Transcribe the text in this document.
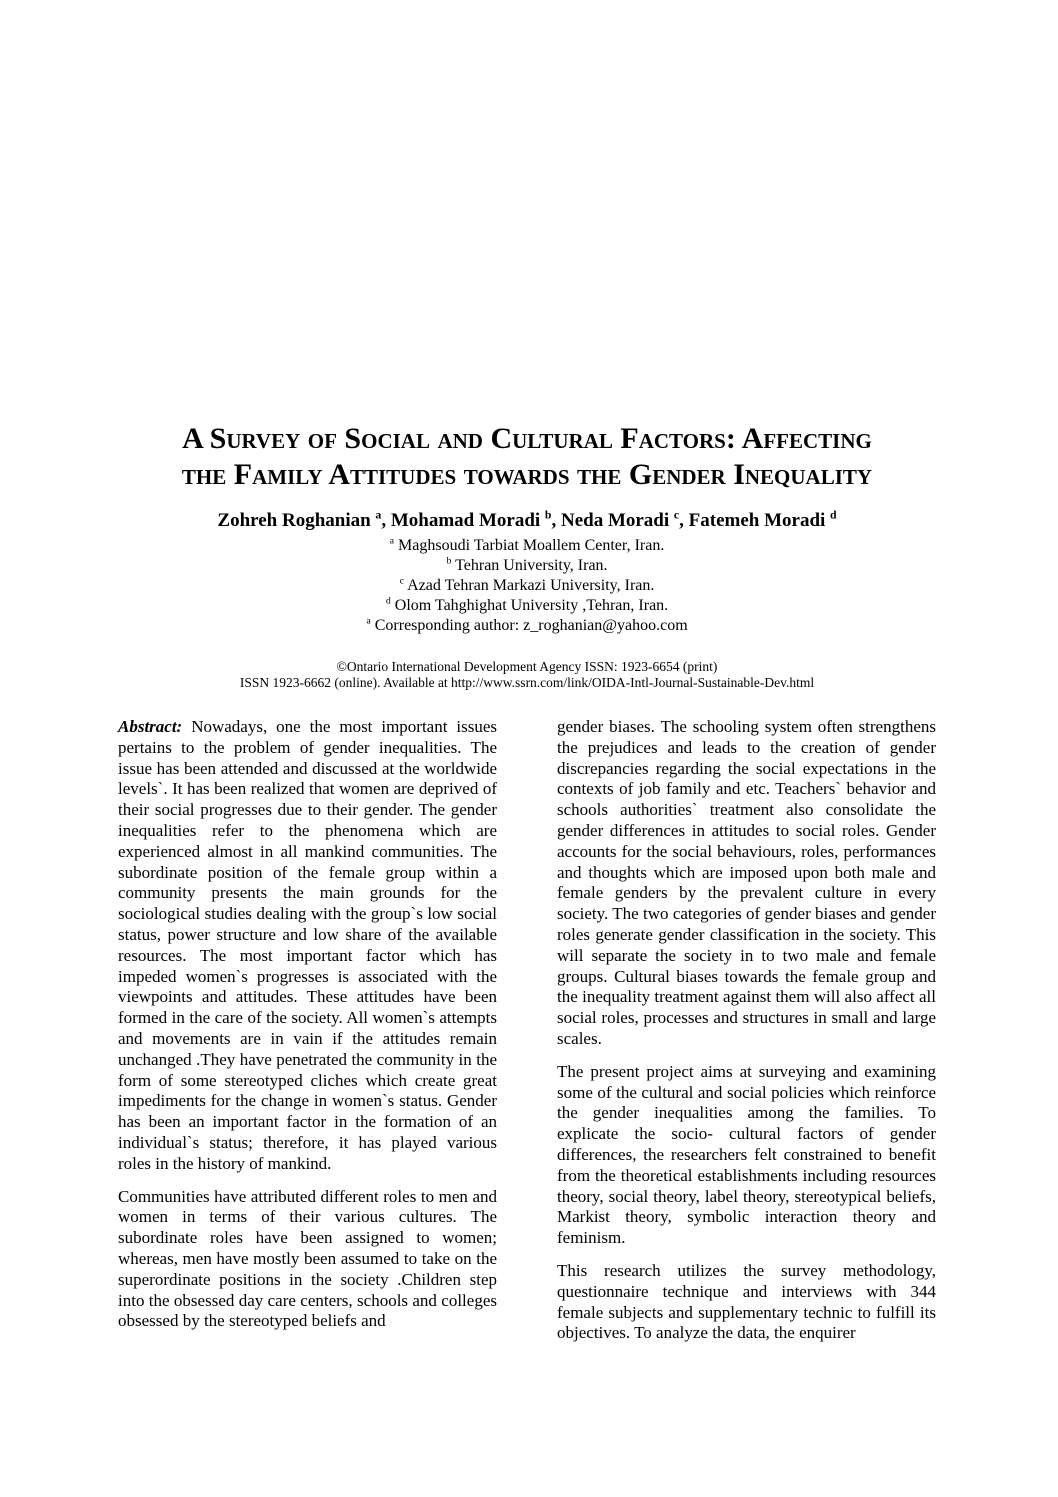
A Survey of Social and Cultural Factors: Affecting
the Family Attitudes towards the Gender Inequality
Zohreh Roghanian $^a$, Mohamad Moradi $^b$, Neda Moradi $^c$, Fatemeh Moradi $^d$
$^a$ Maghsoudi Tarbiat Moallem Center, Iran.
$^b$ Tehran University, Iran.
$^c$ Azad Tehran Markazi University, Iran.
$^d$ Olom Tahghighat University ,Tehran, Iran.
$^a$ Corresponding author: z_roghanian@yahoo.com
©Ontario International Development Agency ISSN: 1923-6654 (print)
ISSN 1923-6662 (online). Available at http://www.ssrn.com/link/OIDA-Intl-Journal-Sustainable-Dev.html

Abstract: Nowadays, one the most important issues pertains to the problem of gender inequalities. The issue has been attended and discussed at the worldwide levels`. It has been realized that women are deprived of their social progresses due to their gender. The gender inequalities refer to the phenomena which are experienced almost in all mankind communities. The subordinate position of the female group within a community presents the main grounds for the sociological studies dealing with the group`s low social status, power structure and low share of the available resources. The most important factor which has impeded women`s progresses is associated with the viewpoints and attitudes. These attitudes have been formed in the care of the society. All women`s attempts and movements are in vain if the attitudes remain unchanged .They have penetrated the community in the form of some stereotyped cliches which create great impediments for the change in women`s status. Gender has been an important factor in the formation of an individual`s status; therefore, it has played various roles in the history of mankind.

Communities have attributed different roles to men and women in terms of their various cultures. The subordinate roles have been assigned to women; whereas, men have mostly been assumed to take on the superordinate positions in the society .Children step into the obsessed day care centers, schools and colleges obsessed by the stereotyped beliefs and

gender biases. The schooling system often strengthens the prejudices and leads to the creation of gender discrepancies regarding the social expectations in the contexts of job family and etc. Teachers` behavior and schools authorities` treatment also consolidate the gender differences in attitudes to social roles. Gender accounts for the social behaviours, roles, performances and thoughts which are imposed upon both male and female genders by the prevalent culture in every society. The two categories of gender biases and gender roles generate gender classification in the society. This will separate the society in to two male and female groups. Cultural biases towards the female group and the inequality treatment against them will also affect all social roles, processes and structures in small and large scales.

The present project aims at surveying and examining some of the cultural and social policies which reinforce the gender inequalities among the families. To explicate the socio- cultural factors of gender differences, the researchers felt constrained to benefit from the theoretical establishments including resources theory, social theory, label theory, stereotypical beliefs, Markist theory, symbolic interaction theory and feminism.

This research utilizes the survey methodology, questionnaire technique and interviews with 344 female subjects and supplementary technic to fulfill its objectives. To analyze the data, the enquirer
